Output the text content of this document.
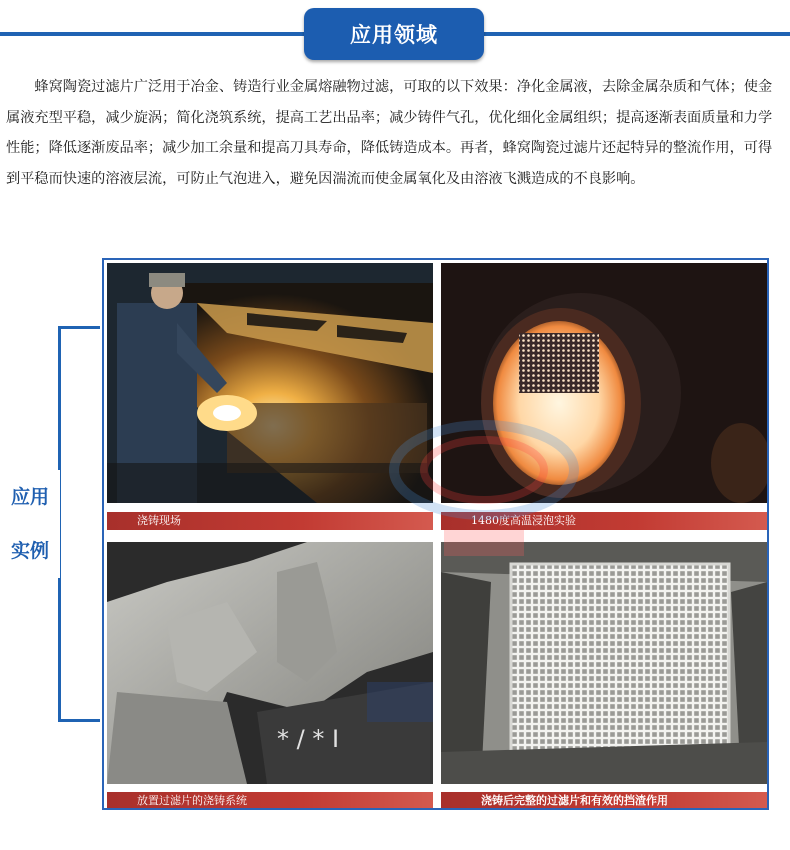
应用领域

蜂窝陶瓷过滤片广泛用于冶金、铸造行业金属熔融物过滤，可取的以下效果：净化金属液，去除金属杂质和气体；使金属液充型平稳，减少旋涡；简化浇筑系统，提高工艺出品率；减少铸件气孔，优化细化金属组织；提高逐渐表面质量和力学性能；降低逐渐废品率；减少加工余量和提高刀具寿命，降低铸造成本。再者，蜂窝陶瓷过滤片还起特异的整流作用，可得到平稳而快速的溶液层流，可防止气泡进入，避免因湍流而使金属氧化及由溶液飞溅造成的不良影响。

应用
实例
浇铸现场	1480度高温浸泡实验
* / * Ⅰ
放置过滤片的浇铸系统	浇铸后完整的过滤片和有效的挡渣作用
